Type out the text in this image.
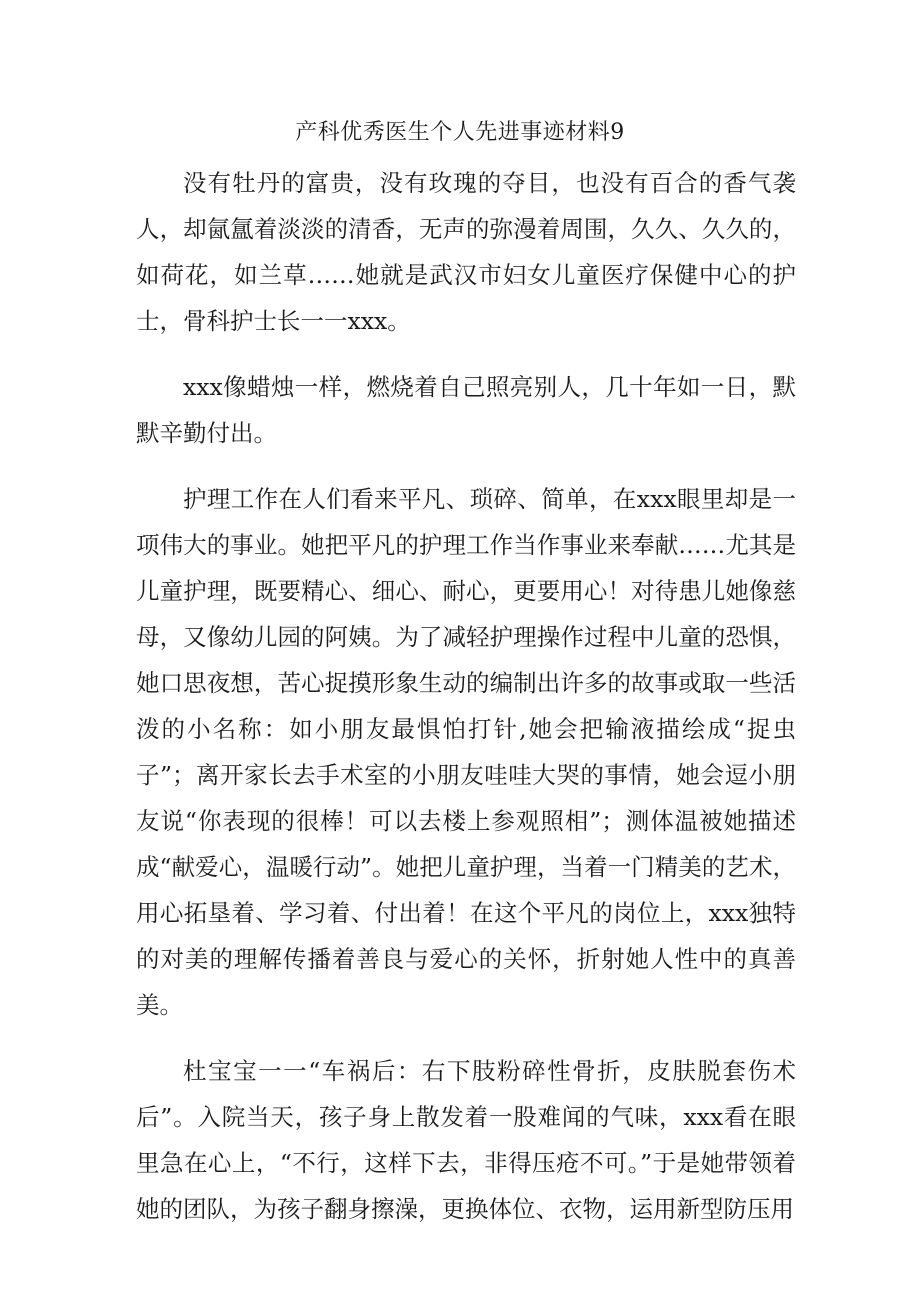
产科优秀医生个人先进事迹材料9

没有牡丹的富贵，没有玫瑰的夺目，也没有百合的香气袭人，却氤氲着淡淡的清香，无声的弥漫着周围，久久、久久的，如荷花，如兰草……她就是武汉市妇女儿童医疗保健中心的护士，骨科护士长一一xxx。

xxx像蜡烛一样，燃烧着自己照亮别人，几十年如一日，默默辛勤付出。

护理工作在人们看来平凡、琐碎、简单，在xxx眼里却是一项伟大的事业。她把平凡的护理工作当作事业来奉献……尤其是儿童护理，既要精心、细心、耐心，更要用心！对待患儿她像慈母，又像幼儿园的阿姨。为了减轻护理操作过程中儿童的恐惧，她口思夜想，苦心捉摸形象生动的编制出许多的故事或取一些活泼的小名称：如小朋友最惧怕打针,她会把输液描绘成“捉虫子”；离开家长去手术室的小朋友哇哇大哭的事情，她会逗小朋友说“你表现的很棒！可以去楼上参观照相”；测体温被她描述成“献爱心，温暖行动”。她把儿童护理，当着一门精美的艺术，用心拓垦着、学习着、付出着！在这个平凡的岗位上，xxx独特的对美的理解传播着善良与爱心的关怀，折射她人性中的真善美。

杜宝宝一一“车祸后：右下肢粉碎性骨折，皮肤脱套伤术后”。入院当天，孩子身上散发着一股难闻的气味，xxx看在眼里急在心上，“不行，这样下去，非得压疮不可。”于是她带领着她的团队，为孩子翻身擦澡，更换体位、衣物，运用新型防压用
